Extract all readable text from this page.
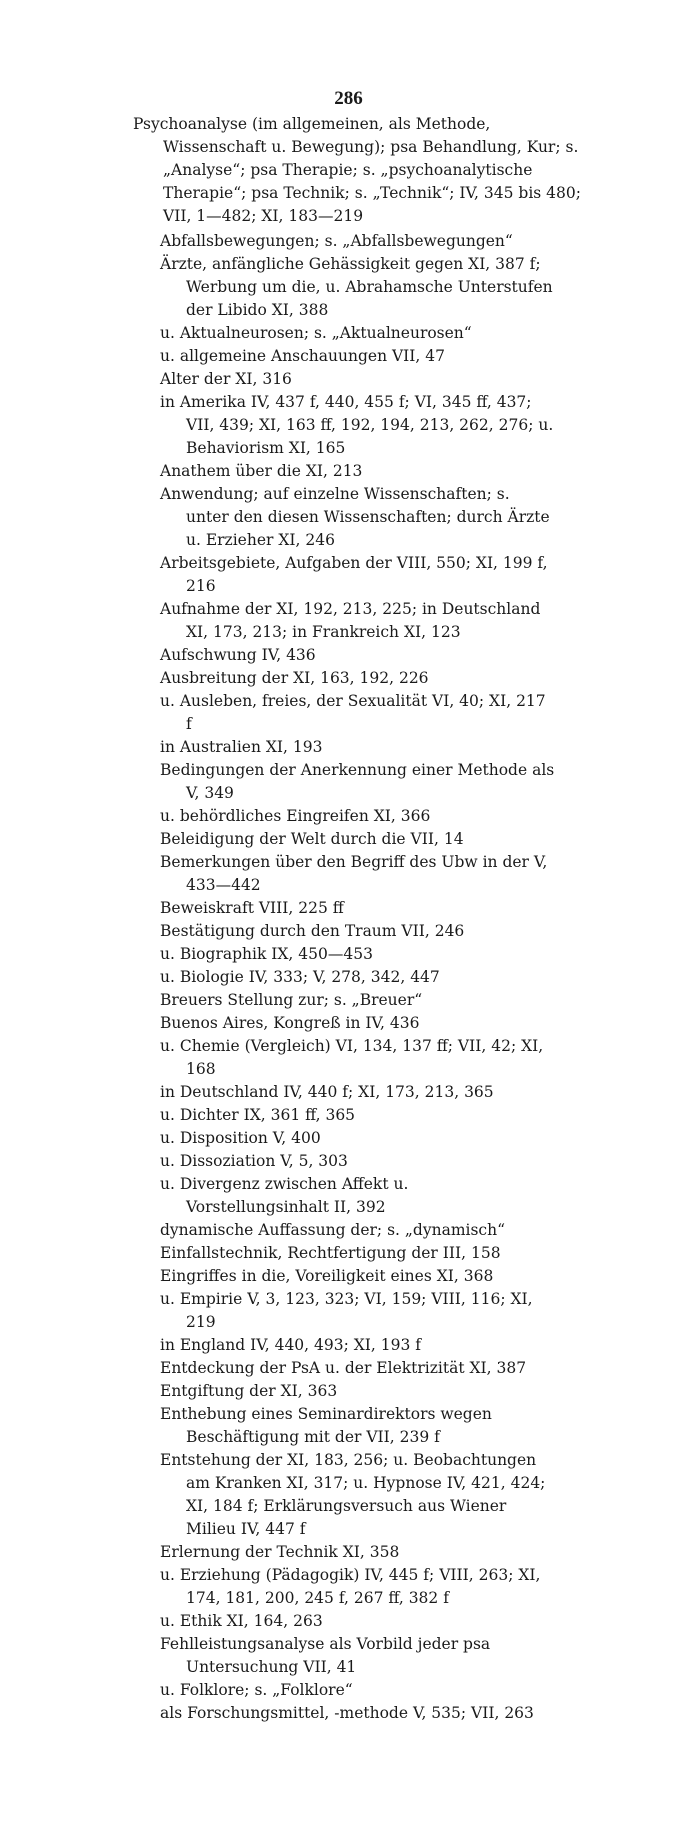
286
Psychoanalyse (im allgemeinen, als Methode, Wissenschaft u. Bewegung); psa Behandlung, Kur; s. „Analyse“; psa Therapie; s. „psychoanalytische Therapie“; psa Technik; s. „Technik“; IV, 345 bis 480; VII, 1—482; XI, 183—219
Abfallsbewegungen; s. „Abfallsbewegungen“
Ärzte, anfängliche Gehässigkeit gegen XI, 387 f; Werbung um die, u. Abrahamsche Unterstufen der Libido XI, 388
u. Aktualneurosen; s. „Aktualneurosen“
u. allgemeine Anschauungen VII, 47
Alter der XI, 316
in Amerika IV, 437 f, 440, 455 f; VI, 345 ff, 437; VII, 439; XI, 163 ff, 192, 194, 213, 262, 276; u. Behaviorism XI, 165
Anathem über die XI, 213
Anwendung; auf einzelne Wissenschaften; s. unter den diesen Wissenschaften; durch Ärzte u. Erzieher XI, 246
Arbeitsgebiete, Aufgaben der VIII, 550; XI, 199 f, 216
Aufnahme der XI, 192, 213, 225; in Deutschland XI, 173, 213; in Frankreich XI, 123
Aufschwung IV, 436
Ausbreitung der XI, 163, 192, 226
u. Ausleben, freies, der Sexualität VI, 40; XI, 217 f
in Australien XI, 193
Bedingungen der Anerkennung einer Methode als V, 349
u. behördliches Eingreifen XI, 366
Beleidigung der Welt durch die VII, 14
Bemerkungen über den Begriff des Ubw in der V, 433—442
Beweiskraft VIII, 225 ff
Bestätigung durch den Traum VII, 246
u. Biographik IX, 450—453
u. Biologie IV, 333; V, 278, 342, 447
Breuers Stellung zur; s. „Breuer“
Buenos Aires, Kongreß in IV, 436
u. Chemie (Vergleich) VI, 134, 137 ff; VII, 42; XI, 168
in Deutschland IV, 440 f; XI, 173, 213, 365
u. Dichter IX, 361 ff, 365
u. Disposition V, 400
u. Dissoziation V, 5, 303
u. Divergenz zwischen Affekt u. Vorstellungsinhalt II, 392
dynamische Auffassung der; s. „dynamisch“
Einfallstechnik, Rechtfertigung der III, 158
Eingriffes in die, Voreiligkeit eines XI, 368
u. Empirie V, 3, 123, 323; VI, 159; VIII, 116; XI, 219
in England IV, 440, 493; XI, 193 f
Entdeckung der PsA u. der Elektrizität XI, 387
Entgiftung der XI, 363
Enthebung eines Seminardirektors wegen Beschäftigung mit der VII, 239 f
Entstehung der XI, 183, 256; u. Beobachtungen am Kranken XI, 317; u. Hypnose IV, 421, 424; XI, 184 f; Erklärungsversuch aus Wiener Milieu IV, 447 f
Erlernung der Technik XI, 358
u. Erziehung (Pädagogik) IV, 445 f; VIII, 263; XI, 174, 181, 200, 245 f, 267 ff, 382 f
u. Ethik XI, 164, 263
Fehlleistungsanalyse als Vorbild jeder psa Untersuchung VII, 41
u. Folklore; s. „Folklore“
als Forschungsmittel, -methode V, 535; VII, 263
